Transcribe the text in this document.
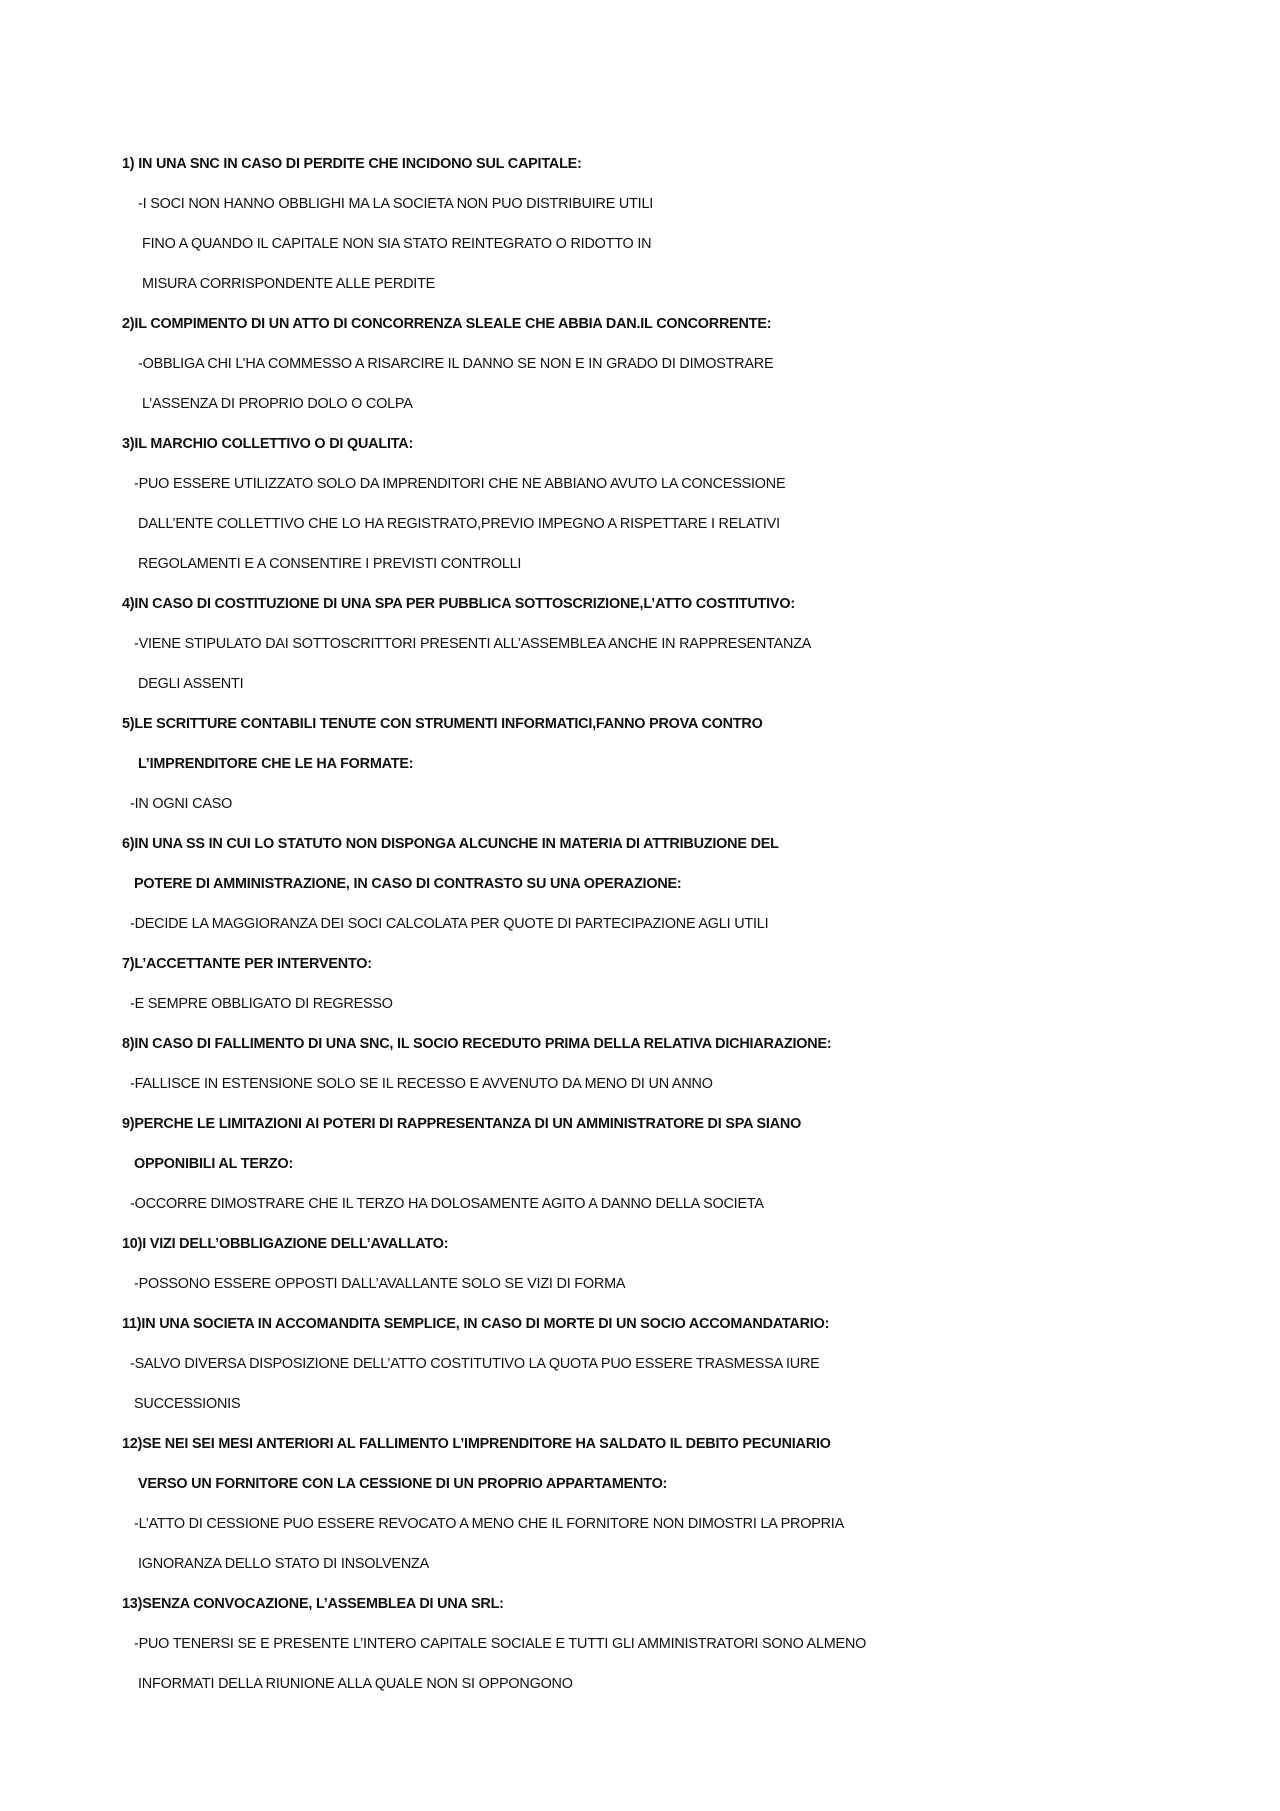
1) IN UNA SNC IN CASO DI PERDITE CHE INCIDONO SUL CAPITALE:
-I SOCI NON HANNO OBBLIGHI MA LA SOCIETA NON PUO DISTRIBUIRE UTILI
FINO A QUANDO IL CAPITALE NON SIA STATO REINTEGRATO O RIDOTTO IN
MISURA CORRISPONDENTE ALLE PERDITE
2)IL COMPIMENTO DI UN ATTO DI CONCORRENZA SLEALE CHE ABBIA DAN.IL CONCORRENTE:
-OBBLIGA CHI L’HA COMMESSO A RISARCIRE IL DANNO SE NON E IN GRADO DI DIMOSTRARE
L’ASSENZA DI PROPRIO DOLO O COLPA
3)IL MARCHIO COLLETTIVO O DI QUALITA:
-PUO ESSERE UTILIZZATO SOLO DA IMPRENDITORI CHE NE ABBIANO AVUTO LA CONCESSIONE
DALL’ENTE COLLETTIVO CHE LO HA REGISTRATO,PREVIO IMPEGNO A RISPETTARE I RELATIVI
REGOLAMENTI E A CONSENTIRE I PREVISTI CONTROLLI
4)IN CASO DI COSTITUZIONE DI UNA SPA PER PUBBLICA SOTTOSCRIZIONE,L’ATTO COSTITUTIVO:
-VIENE STIPULATO DAI SOTTOSCRITTORI PRESENTI ALL’ASSEMBLEA ANCHE IN RAPPRESENTANZA
DEGLI ASSENTI
5)LE SCRITTURE CONTABILI TENUTE CON STRUMENTI INFORMATICI,FANNO PROVA CONTRO
L’IMPRENDITORE CHE LE HA FORMATE:
-IN OGNI CASO
6)IN UNA SS IN CUI LO STATUTO NON DISPONGA ALCUNCHE IN MATERIA DI ATTRIBUZIONE DEL
POTERE DI AMMINISTRAZIONE, IN CASO DI CONTRASTO SU UNA OPERAZIONE:
-DECIDE LA MAGGIORANZA DEI SOCI CALCOLATA PER QUOTE DI PARTECIPAZIONE AGLI UTILI
7)L’ACCETTANTE PER INTERVENTO:
-E SEMPRE OBBLIGATO DI REGRESSO
8)IN CASO DI FALLIMENTO DI UNA SNC, IL SOCIO RECEDUTO PRIMA DELLA RELATIVA DICHIARAZIONE:
-FALLISCE IN ESTENSIONE SOLO SE IL RECESSO E AVVENUTO DA MENO DI UN ANNO
9)PERCHE LE LIMITAZIONI AI POTERI DI RAPPRESENTANZA DI UN AMMINISTRATORE DI SPA SIANO
OPPONIBILI AL TERZO:
-OCCORRE DIMOSTRARE CHE IL TERZO HA DOLOSAMENTE AGITO A DANNO DELLA SOCIETA
10)I VIZI DELL’OBBLIGAZIONE DELL’AVALLATO:
-POSSONO ESSERE OPPOSTI DALL’AVALLANTE SOLO SE VIZI DI FORMA
11)IN UNA SOCIETA IN ACCOMANDITA SEMPLICE, IN CASO DI MORTE DI UN SOCIO ACCOMANDATARIO:
-SALVO DIVERSA DISPOSIZIONE DELL’ATTO COSTITUTIVO LA QUOTA PUO ESSERE TRASMESSA IURE
SUCCESSIONIS
12)SE NEI SEI MESI ANTERIORI AL FALLIMENTO L’IMPRENDITORE HA SALDATO IL DEBITO PECUNIARIO
VERSO UN FORNITORE CON LA CESSIONE DI UN PROPRIO APPARTAMENTO:
-L’ATTO DI CESSIONE PUO ESSERE REVOCATO A MENO CHE IL FORNITORE NON DIMOSTRI LA PROPRIA
IGNORANZA DELLO STATO DI INSOLVENZA
13)SENZA CONVOCAZIONE, L’ASSEMBLEA DI UNA SRL:
-PUO TENERSI SE E PRESENTE L’INTERO CAPITALE SOCIALE E TUTTI GLI AMMINISTRATORI SONO ALMENO
INFORMATI DELLA RIUNIONE ALLA QUALE NON SI OPPONGONO
